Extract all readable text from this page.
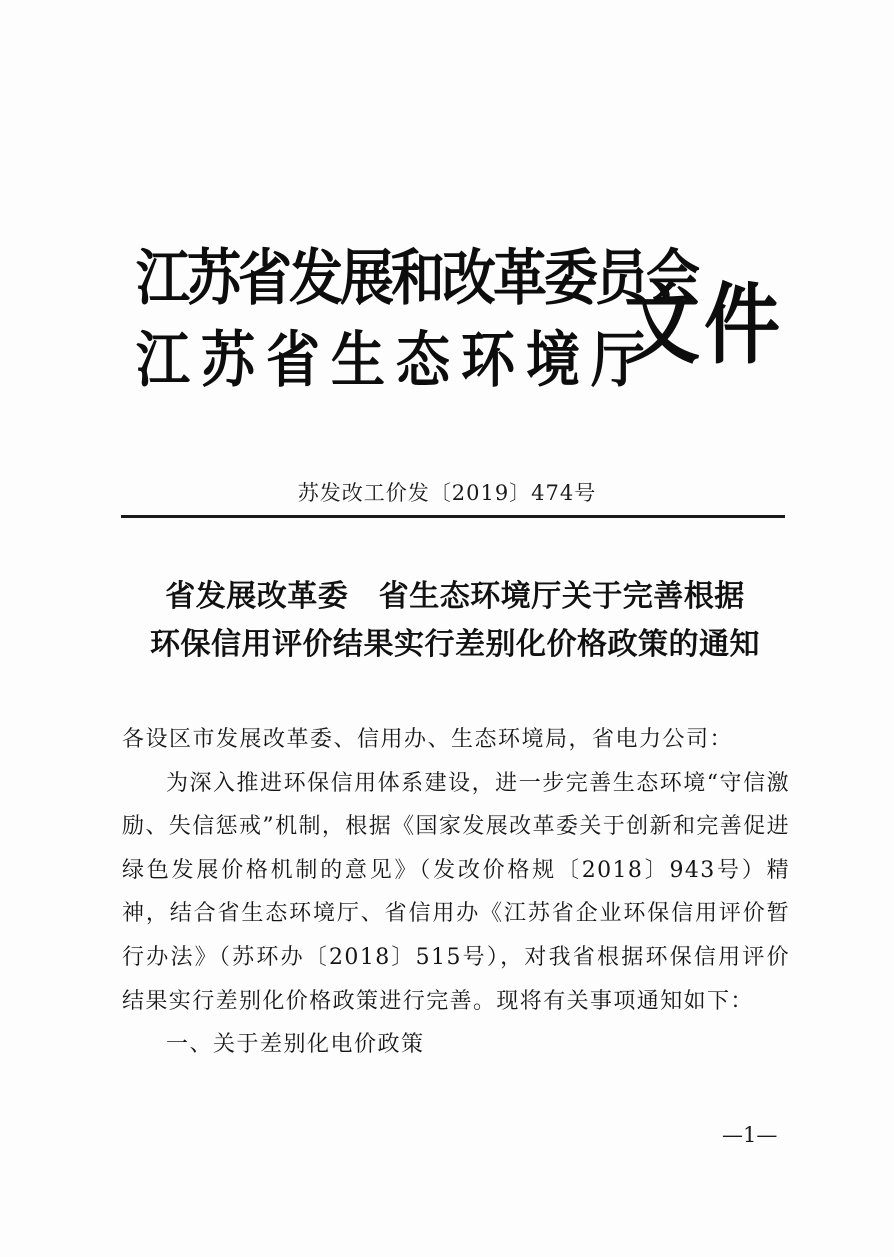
江苏省发展和改革委员会
江苏省生态环境厅
文件
苏发改工价发〔2019〕474号
省发展改革委　省生态环境厅关于完善根据
环保信用评价结果实行差别化价格政策的通知
各设区市发展改革委、信用办、生态环境局，省电力公司：

为深入推进环保信用体系建设，进一步完善生态环境“守信激励、失信惩戒”机制，根据《国家发展改革委关于创新和完善促进绿色发展价格机制的意见》（发改价格规〔2018〕943号）精神，结合省生态环境厅、省信用办《江苏省企业环保信用评价暂行办法》（苏环办〔2018〕515号），对我省根据环保信用评价结果实行差别化价格政策进行完善。现将有关事项通知如下：

一、关于差别化电价政策
—1—
